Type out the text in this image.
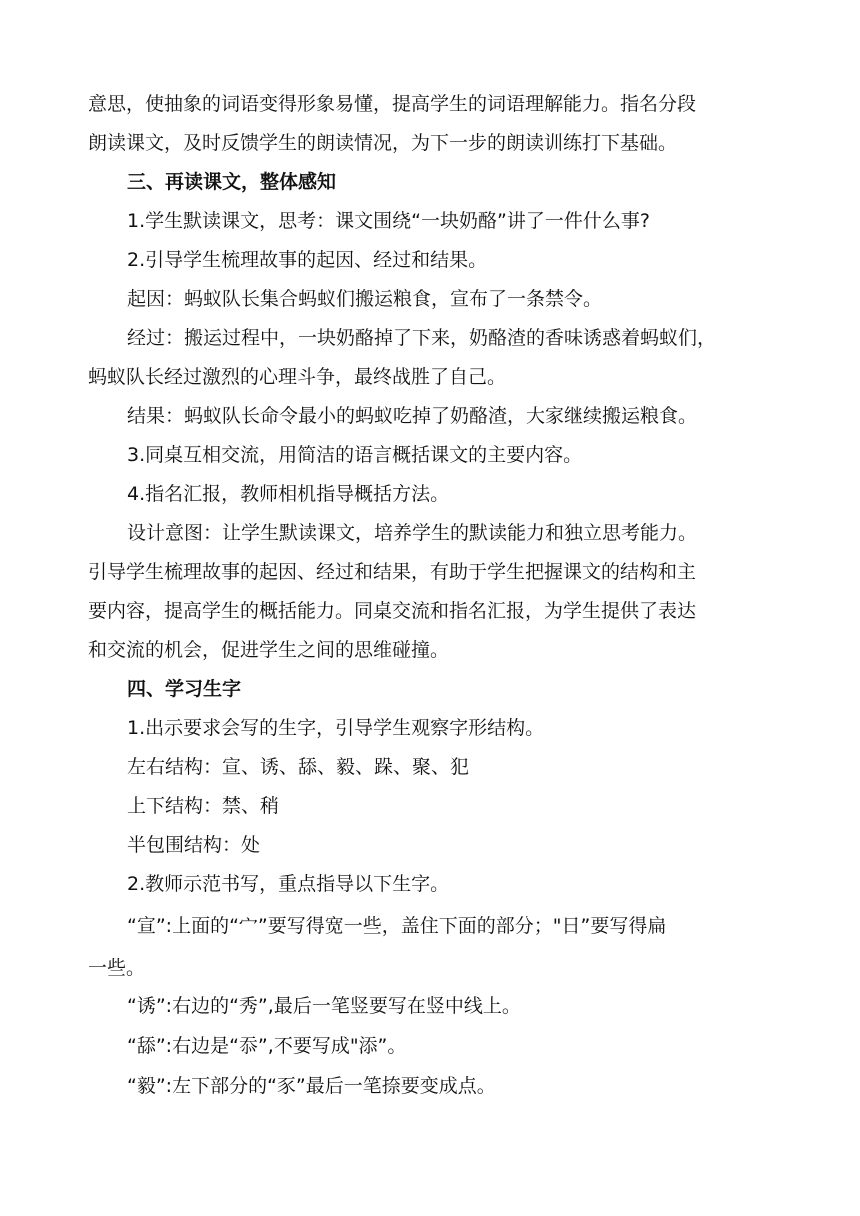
意思，使抽象的词语变得形象易懂，提高学生的词语理解能力。指名分段
朗读课文，及时反馈学生的朗读情况，为下一步的朗读训练打下基础。
三、再读课文，整体感知
1.学生默读课文，思考：课文围绕“一块奶酪”讲了一件什么事?
2.引导学生梳理故事的起因、经过和结果。
起因：蚂蚁队长集合蚂蚁们搬运粮食，宣布了一条禁令。
经过：搬运过程中，一块奶酪掉了下来，奶酪渣的香味诱惑着蚂蚁们，
蚂蚁队长经过激烈的心理斗争，最终战胜了自己。
结果：蚂蚁队长命令最小的蚂蚁吃掉了奶酪渣，大家继续搬运粮食。
3.同桌互相交流，用简洁的语言概括课文的主要内容。
4.指名汇报，教师相机指导概括方法。
设计意图：让学生默读课文，培养学生的默读能力和独立思考能力。
引导学生梳理故事的起因、经过和结果，有助于学生把握课文的结构和主
要内容，提高学生的概括能力。同桌交流和指名汇报，为学生提供了表达
和交流的机会，促进学生之间的思维碰撞。
四、学习生字
1.出示要求会写的生字，引导学生观察字形结构。
左右结构：宣、诱、舔、毅、跺、聚、犯
上下结构：禁、稍
半包围结构：处
2.教师示范书写，重点指导以下生字。
“宣”:上面的“宀”要写得宽一些，盖住下面的部分；"日”要写得扁
一些。
“诱”:右边的“秀”,最后一笔竖要写在竖中线上。
“舔”:右边是“忝”,不要写成"添”。
“毅”:左下部分的“豕”最后一笔捺要变成点。
